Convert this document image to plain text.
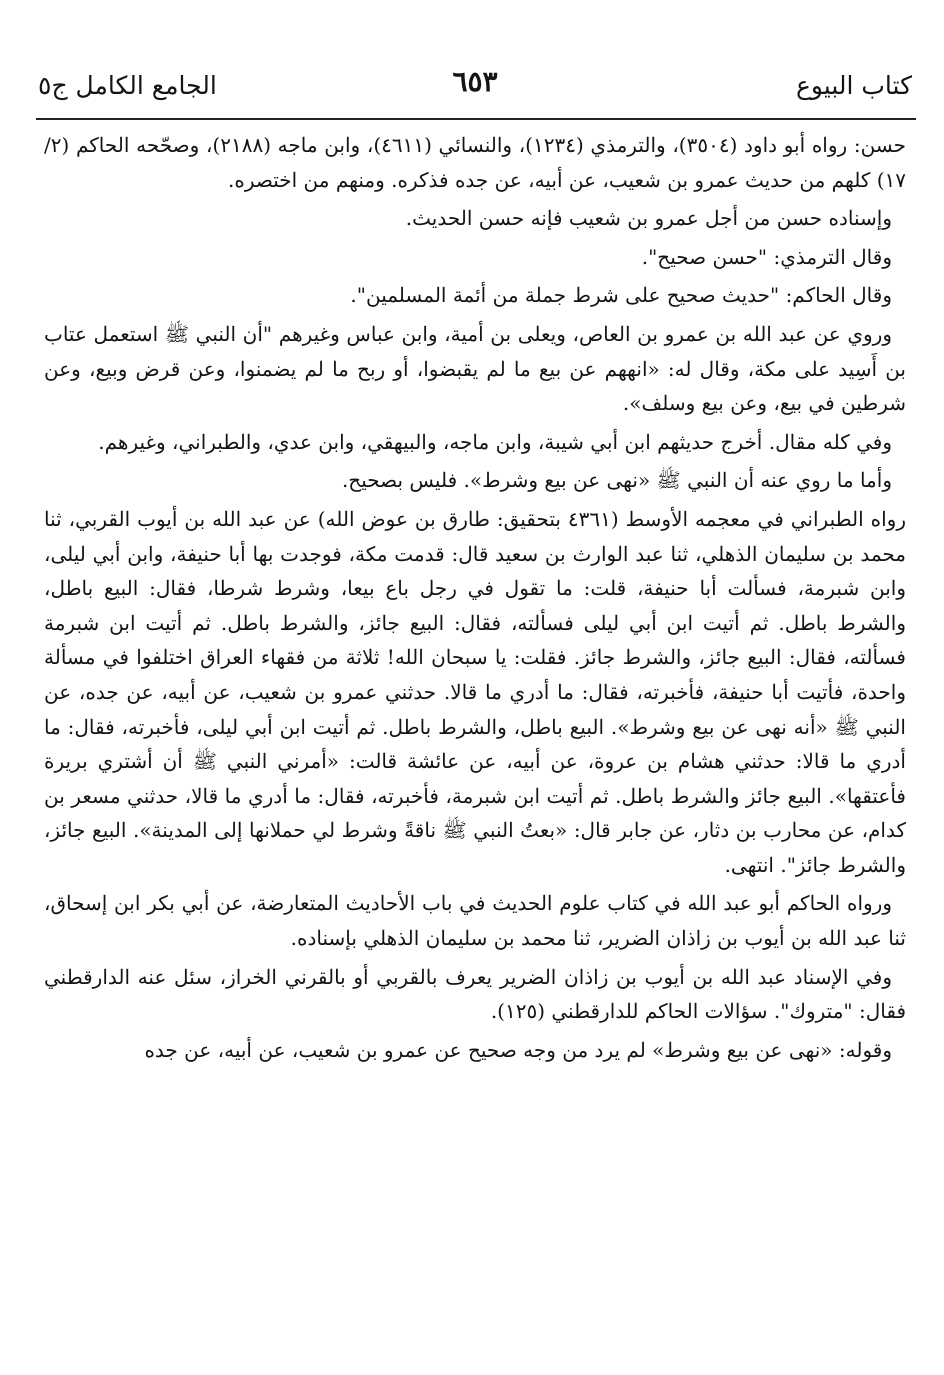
كتاب البيوع
٦٥٣
الجامع الكامل ج٥

حسن: رواه أبو داود (٣٥٠٤)، والترمذي (١٢٣٤)، والنسائي (٤٦١١)، وابن ماجه (٢١٨٨)، وصحّحه الحاكم (٢/ ١٧) كلهم من حديث عمرو بن شعيب، عن أبيه، عن جده فذكره. ومنهم من اختصره.

وإسناده حسن من أجل عمرو بن شعيب فإنه حسن الحديث.

وقال الترمذي: "حسن صحيح".

وقال الحاكم: "حديث صحيح على شرط جملة من أئمة المسلمين".

وروي عن عبد الله بن عمرو بن العاص، ويعلى بن أمية، وابن عباس وغيرهم "أن النبي ﷺ استعمل عتاب بن أَسِيد على مكة، وقال له: «انههم عن بيع ما لم يقبضوا، أو ربح ما لم يضمنوا، وعن قرض وبيع، وعن شرطين في بيع، وعن بيع وسلف».

وفي كله مقال. أخرج حديثهم ابن أبي شيبة، وابن ماجه، والبيهقي، وابن عدي، والطبراني، وغيرهم.

وأما ما روي عنه أن النبي ﷺ «نهى عن بيع وشرط». فليس بصحيح.

رواه الطبراني في معجمه الأوسط (٤٣٦١ بتحقيق: طارق بن عوض الله) عن عبد الله بن أيوب القربي، ثنا محمد بن سليمان الذهلي، ثنا عبد الوارث بن سعيد قال: قدمت مكة، فوجدت بها أبا حنيفة، وابن أبي ليلى، وابن شبرمة، فسألت أبا حنيفة، قلت: ما تقول في رجل باع بيعا، وشرط شرطا، فقال: البيع باطل، والشرط باطل. ثم أتيت ابن أبي ليلى فسألته، فقال: البيع جائز، والشرط باطل. ثم أتيت ابن شبرمة فسألته، فقال: البيع جائز، والشرط جائز. فقلت: يا سبحان الله! ثلاثة من فقهاء العراق اختلفوا في مسألة واحدة، فأتيت أبا حنيفة، فأخبرته، فقال: ما أدري ما قالا. حدثني عمرو بن شعيب، عن أبيه، عن جده، عن النبي ﷺ «أنه نهى عن بيع وشرط». البيع باطل، والشرط باطل. ثم أتيت ابن أبي ليلى، فأخبرته، فقال: ما أدري ما قالا: حدثني هشام بن عروة، عن أبيه، عن عائشة قالت: «أمرني النبي ﷺ أن أشتري بريرة فأعتقها». البيع جائز والشرط باطل. ثم أتيت ابن شبرمة، فأخبرته، فقال: ما أدري ما قالا، حدثني مسعر بن كدام، عن محارب بن دثار، عن جابر قال: «بعتُ النبي ﷺ ناقةً وشرط لي حملانها إلى المدينة». البيع جائز، والشرط جائز". انتهى.

ورواه الحاكم أبو عبد الله في كتاب علوم الحديث في باب الأحاديث المتعارضة، عن أبي بكر ابن إسحاق، ثنا عبد الله بن أيوب بن زاذان الضرير، ثنا محمد بن سليمان الذهلي بإسناده.

وفي الإسناد عبد الله بن أيوب بن زاذان الضرير يعرف بالقربي أو بالقرني الخراز، سئل عنه الدارقطني فقال: "متروك". سؤالات الحاكم للدارقطني (١٢٥).

وقوله: «نهى عن بيع وشرط» لم يرد من وجه صحيح عن عمرو بن شعيب، عن أبيه، عن جده
